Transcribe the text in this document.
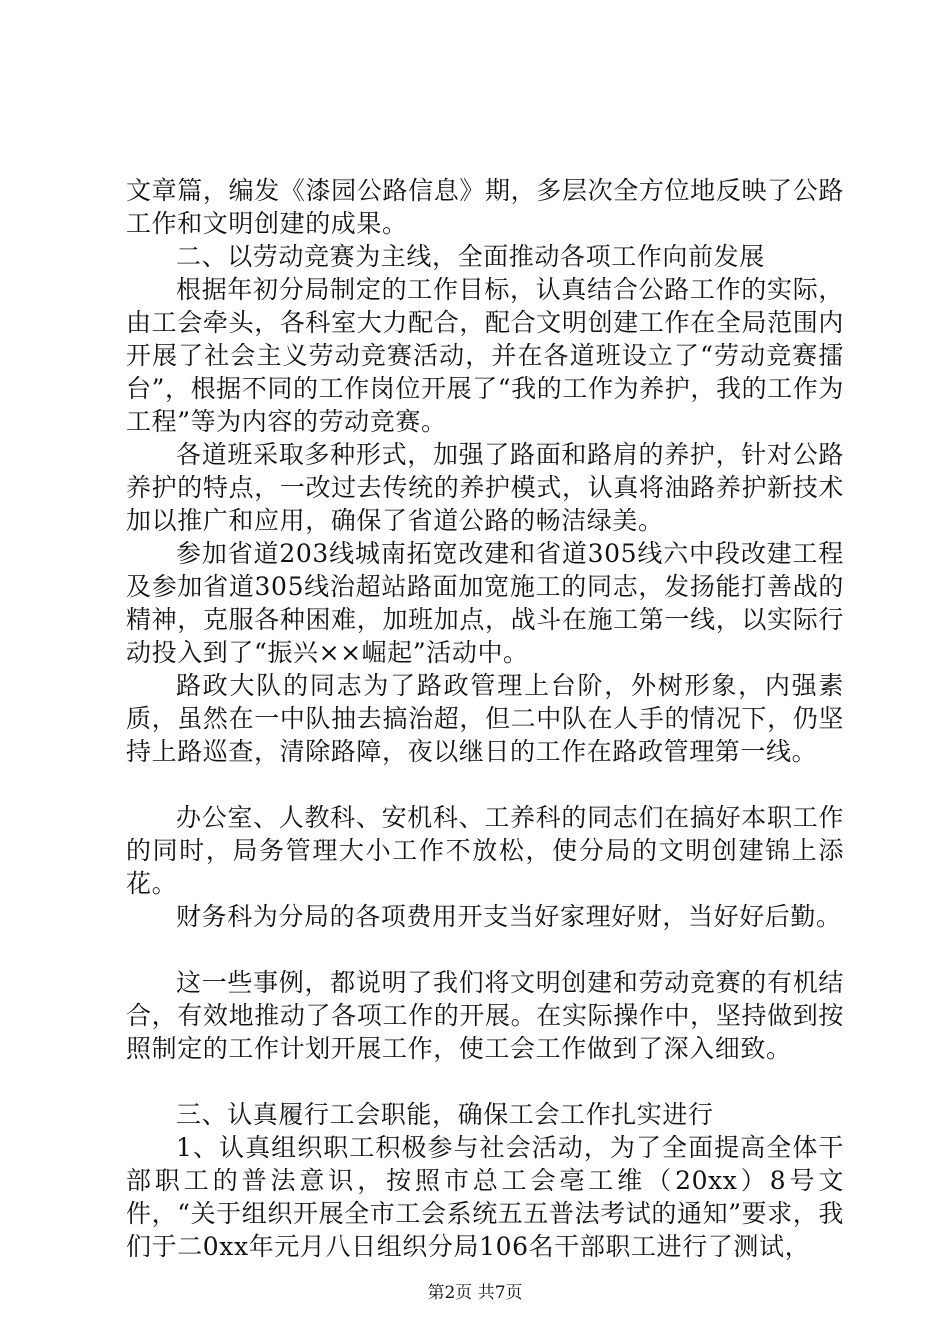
文章篇，编发《漆园公路信息》期，多层次全方位地反映了公路工作和文明创建的成果。

二、以劳动竞赛为主线，全面推动各项工作向前发展

根据年初分局制定的工作目标，认真结合公路工作的实际，由工会牵头，各科室大力配合，配合文明创建工作在全局范围内开展了社会主义劳动竞赛活动，并在各道班设立了“劳动竞赛擂台”，根据不同的工作岗位开展了“我的工作为养护，我的工作为工程”等为内容的劳动竞赛。

各道班采取多种形式，加强了路面和路肩的养护，针对公路养护的特点，一改过去传统的养护模式，认真将油路养护新技术加以推广和应用，确保了省道公路的畅洁绿美。

参加省道203线城南拓宽改建和省道305线六中段改建工程及参加省道305线治超站路面加宽施工的同志，发扬能打善战的精神，克服各种困难，加班加点，战斗在施工第一线，以实际行动投入到了“振兴××崛起”活动中。

路政大队的同志为了路政管理上台阶，外树形象，内强素质，虽然在一中队抽去搞治超，但二中队在人手的情况下，仍坚持上路巡查，清除路障，夜以继日的工作在路政管理第一线。

办公室、人教科、安机科、工养科的同志们在搞好本职工作的同时，局务管理大小工作不放松，使分局的文明创建锦上添花。

财务科为分局的各项费用开支当好家理好财，当好好后勤。

这一些事例，都说明了我们将文明创建和劳动竞赛的有机结合，有效地推动了各项工作的开展。在实际操作中，坚持做到按照制定的工作计划开展工作，使工会工作做到了深入细致。

三、认真履行工会职能，确保工会工作扎实进行

1、认真组织职工积极参与社会活动，为了全面提高全体干部职工的普法意识，按照市总工会亳工维（20xx）8号文件，“关于组织开展全市工会系统五五普法考试的通知”要求，我们于二0xx年元月八日组织分局106名干部职工进行了测试，

第2页 共7页
